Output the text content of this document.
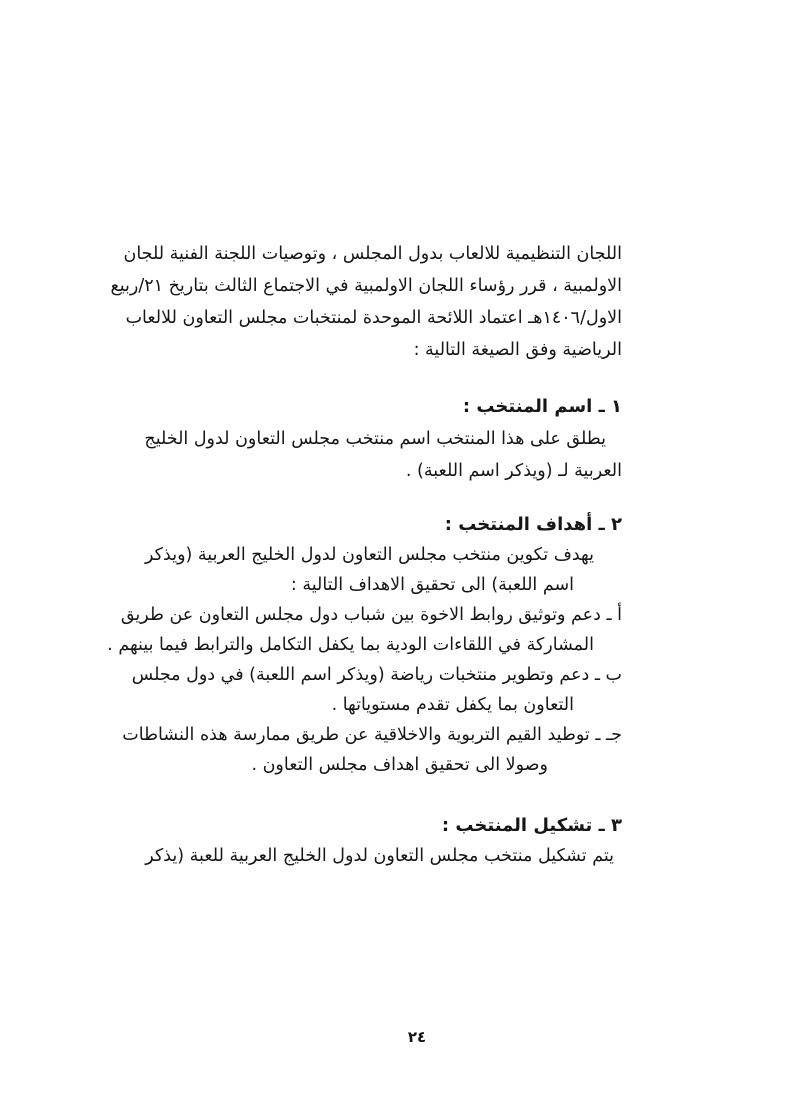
اللجان التنظيمية للالعاب بدول المجلس ، وتوصيات اللجنة الفنية للجان
الاولمبية ، قرر رؤساء اللجان الاولمبية في الاجتماع الثالث بتاريخ ٢١/ربيع
الاول/١٤٠٦هـ اعتماد اللائحة الموحدة لمنتخبات مجلس التعاون للالعاب
الرياضية وفق الصيغة التالية :
١ ـ اسم المنتخب :
يطلق على هذا المنتخب اسم منتخب مجلس التعاون لدول الخليج
العربية لـ (ويذكر اسم اللعبة) .
٢ ـ أهداف المنتخب :
يهدف تكوين منتخب مجلس التعاون لدول الخليج العربية (ويذكر
اسم اللعبة) الى تحقيق الاهداف التالية :
أ ـ دعم وتوثيق روابط الاخوة بين شباب دول مجلس التعاون عن طريق
المشاركة في اللقاءات الودية بما يكفل التكامل والترابط فيما بينهم .
ب ـ دعم وتطوير منتخبات رياضة (ويذكر اسم اللعبة) في دول مجلس
التعاون بما يكفل تقدم مستوياتها .
جـ ـ توطيد القيم التربوية والاخلاقية عن طريق ممارسة هذه النشاطات
وصولا الى تحقيق اهداف مجلس التعاون .
٣ ـ تشكيل المنتخب :
يتم تشكيل منتخب مجلس التعاون لدول الخليج العربية للعبة (يذكر
٢٤
